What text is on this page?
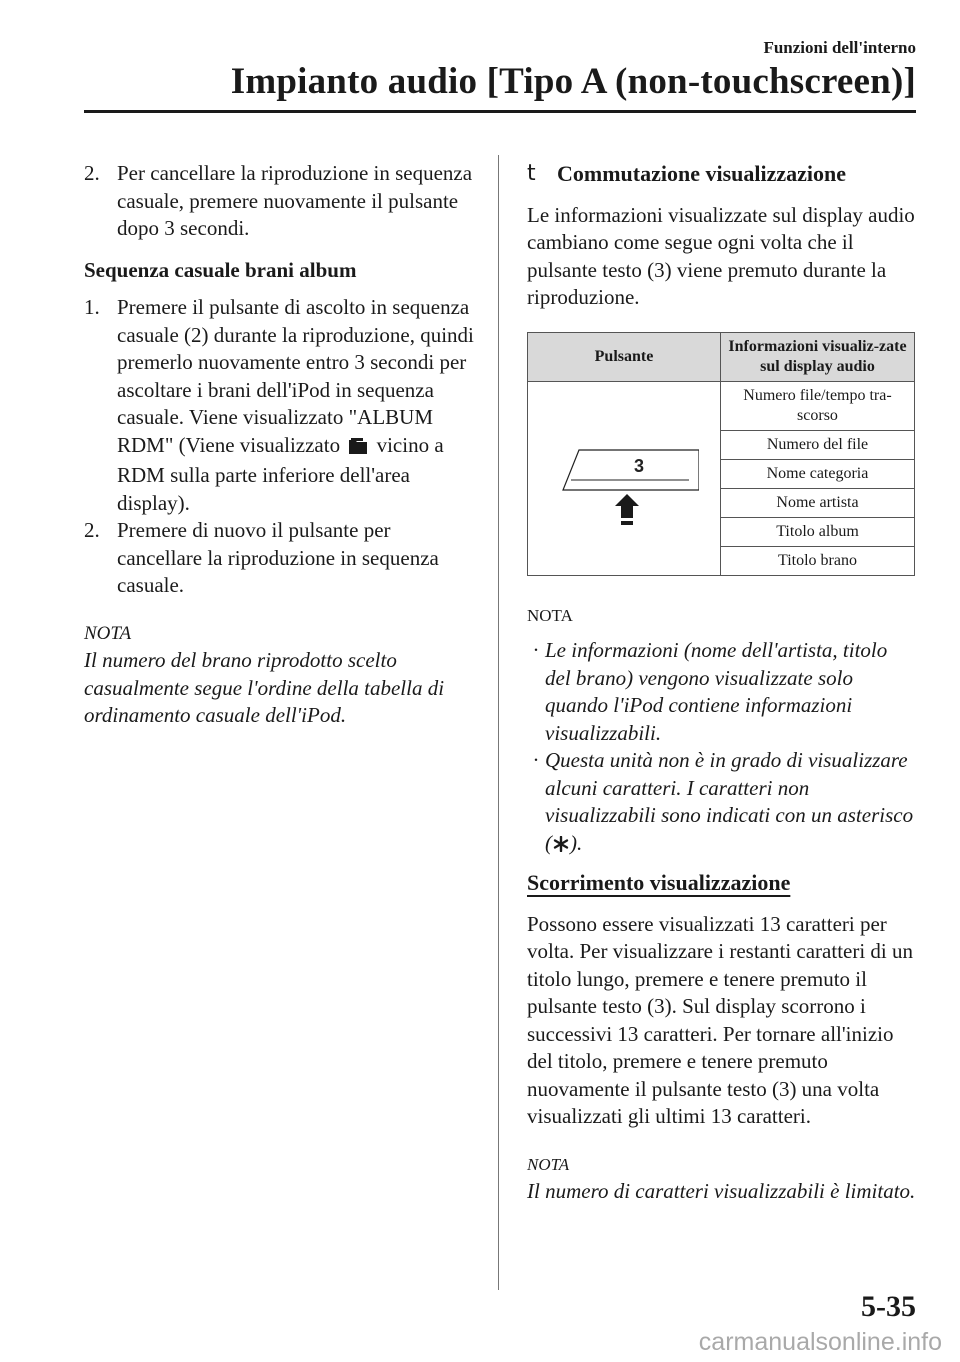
Funzioni dell'interno
Impianto audio [Tipo A (non-touchscreen)]
2. Per cancellare la riproduzione in sequenza casuale, premere nuovamente il pulsante dopo 3 secondi.
Sequenza casuale brani album
1. Premere il pulsante di ascolto in sequenza casuale (2) durante la riproduzione, quindi premerlo nuovamente entro 3 secondi per ascoltare i brani dell'iPod in sequenza casuale. Viene visualizzato "ALBUM RDM" (Viene visualizzato vicino a RDM sulla parte inferiore dell'area display).
2. Premere di nuovo il pulsante per cancellare la riproduzione in sequenza casuale.
NOTA
Il numero del brano riprodotto scelto casualmente segue l'ordine della tabella di ordinamento casuale dell'iPod.
t Commutazione visualizzazione
Le informazioni visualizzate sul display audio cambiano come segue ogni volta che il pulsante testo (3) viene premuto durante la riproduzione.
Pulsante	Informazioni visualiz-zate sul display audio

3	Numero file/tempo tra-scorso
	Numero del file
	Nome categoria
	Nome artista
	Titolo album
	Titolo brano
NOTA
· Le informazioni (nome dell'artista, titolo del brano) vengono visualizzate solo quando l'iPod contiene informazioni visualizzabili.
· Questa unità non è in grado di visualizzare alcuni caratteri. I caratteri non visualizzabili sono indicati con un asterisco ( ).
Scorrimento visualizzazione
Possono essere visualizzati 13 caratteri per volta. Per visualizzare i restanti caratteri di un titolo lungo, premere e tenere premuto il pulsante testo (3). Sul display scorrono i successivi 13 caratteri. Per tornare all'inizio del titolo, premere e tenere premuto nuovamente il pulsante testo (3) una volta visualizzati gli ultimi 13 caratteri.
NOTA
Il numero di caratteri visualizzabili è limitato.
5-35
carmanualsonline.info
